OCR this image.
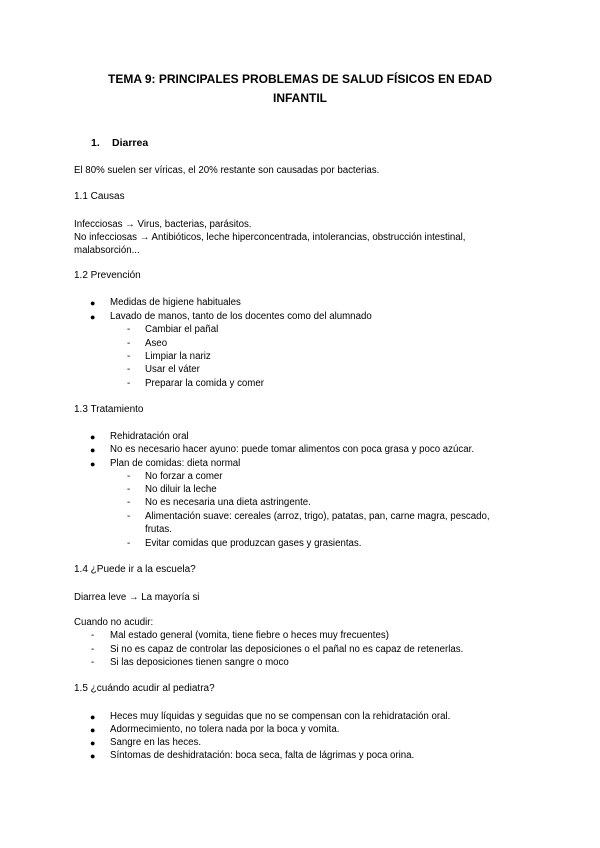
TEMA 9: PRINCIPALES PROBLEMAS DE SALUD FÍSICOS EN EDAD
INFANTIL
1. Diarrea
El 80% suelen ser víricas, el 20% restante son causadas por bacterias.
1.1 Causas
Infecciosas → Virus, bacterias, parásitos.
No infecciosas → Antibióticos, leche hiperconcentrada, intolerancias, obstrucción intestinal,
malabsorción...
1.2 Prevención
● Medidas de higiene habituales
● Lavado de manos, tanto de los docentes como del alumnado
- Cambiar el pañal
- Aseo
- Limpiar la nariz
- Usar el váter
- Preparar la comida y comer
1.3 Tratamiento
● Rehidratación oral
● No es necesario hacer ayuno: puede tomar alimentos con poca grasa y poco azúcar.
● Plan de comidas: dieta normal
- No forzar a comer
- No diluir la leche
- No es necesaria una dieta astringente.
- Alimentación suave: cereales (arroz, trigo), patatas, pan, carne magra, pescado,
frutas.
- Evitar comidas que produzcan gases y grasientas.
1.4 ¿Puede ir a la escuela?
Diarrea leve → La mayoría si
Cuando no acudir:
- Mal estado general (vomita, tiene fiebre o heces muy frecuentes)
- Si no es capaz de controlar las deposiciones o el pañal no es capaz de retenerlas.
- Si las deposiciones tienen sangre o moco
1.5 ¿cuándo acudir al pediatra?
● Heces muy líquidas y seguidas que no se compensan con la rehidratación oral.
● Adormecimiento, no tolera nada por la boca y vomita.
● Sangre en las heces.
● Síntomas de deshidratación: boca seca, falta de lágrimas y poca orina.
